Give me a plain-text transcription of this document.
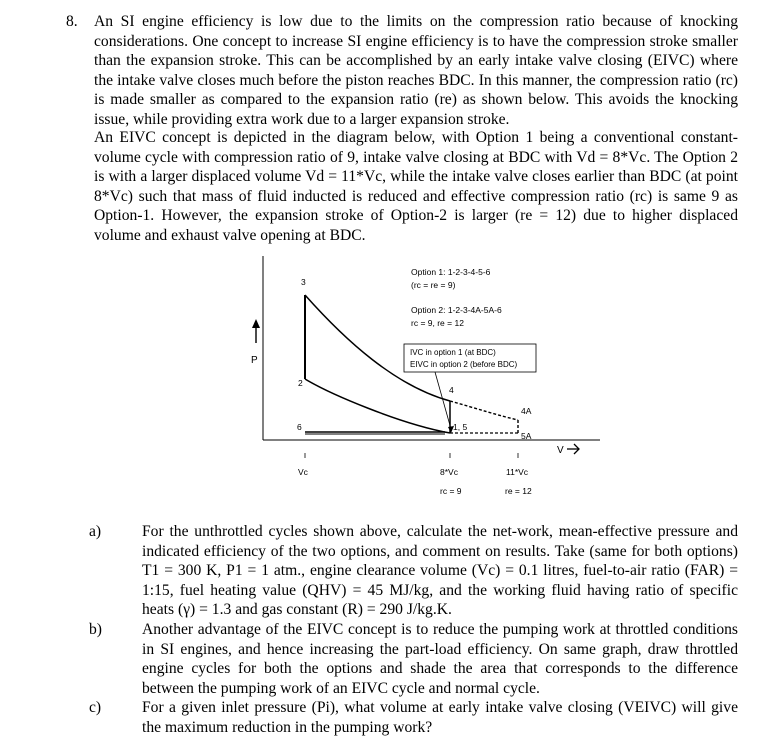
8. An SI engine efficiency is low due to the limits on the compression ratio because of knocking considerations. One concept to increase SI engine efficiency is to have the compression stroke smaller than the expansion stroke. This can be accomplished by an early intake valve closing (EIVC) where the intake valve closes much before the piston reaches BDC. In this manner, the compression ratio (rc) is made smaller as compared to the expansion ratio (re) as shown below. This avoids the knocking issue, while providing extra work due to a larger expansion stroke.

An EIVC concept is depicted in the diagram below, with Option 1 being a conventional constant-volume cycle with compression ratio of 9, intake valve closing at BDC with Vd = 8*Vc. The Option 2 is with a larger displaced volume Vd = 11*Vc, while the intake valve closes earlier than BDC (at point 8*Vc) such that mass of fluid inducted is reduced and effective compression ratio (rc) is same 9 as Option-1. However, the expansion stroke of Option-2 is larger (re = 12) due to higher displaced volume and exhaust valve opening at BDC.

P
V
3
2
4
4A
6	1, 5
5A
Option 1: 1-2-3-4-5-6
(rc = re = 9)
Option 2: 1-2-3-4A-5A-6
rc = 9, re = 12
IVC in option 1 (at BDC)
EIVC in option 2 (before BDC)
Vc	8*Vc	11*Vc
rc = 9	re = 12
a)	For the unthrottled cycles shown above, calculate the net-work, mean-effective pressure and indicated efficiency of the two options, and comment on results. Take (same for both options) T1 = 300 K, P1 = 1 atm., engine clearance volume (Vc) = 0.1 litres, fuel-to-air ratio (FAR) = 1:15, fuel heating value (QHV) = 45 MJ/kg, and the working fluid having ratio of specific heats (γ) = 1.3 and gas constant (R) = 290 J/kg.K.

b)	Another advantage of the EIVC concept is to reduce the pumping work at throttled conditions in SI engines, and hence increasing the part-load efficiency. On same graph, draw throttled engine cycles for both the options and shade the area that corresponds to the difference between the pumping work of an EIVC cycle and normal cycle.

c)	For a given inlet pressure (Pi), what volume at early intake valve closing (VEIVC) will give the maximum reduction in the pumping work?
